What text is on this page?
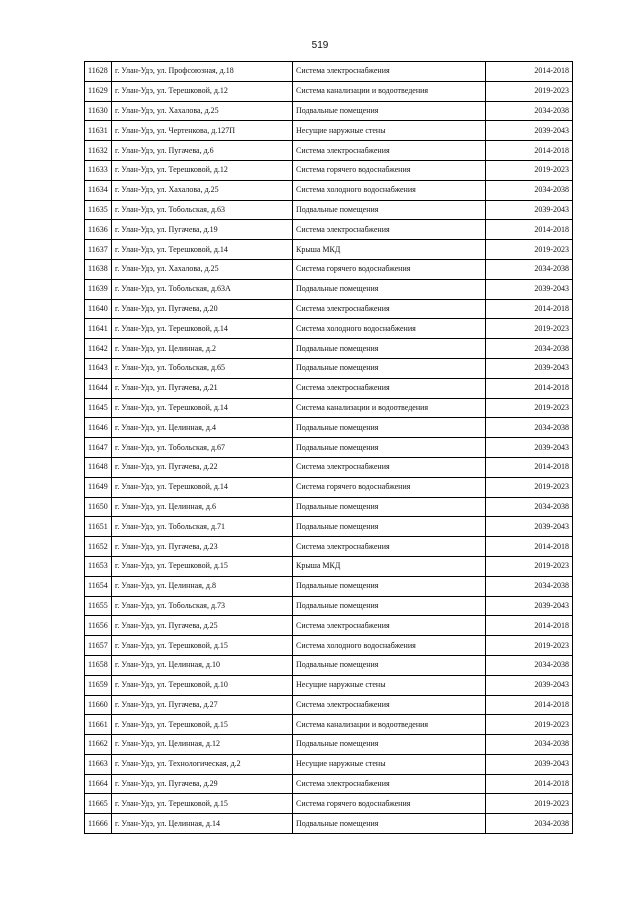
519
11628	г. Улан-Удэ, ул. Профсоюзная, д.18	Система электроснабжения	2014-2018
11629	г. Улан-Удэ, ул. Терешковой, д.12	Система канализации и водоотведения	2019-2023
11630	г. Улан-Удэ, ул. Хахалова, д.25	Подвальные помещения	2034-2038
11631	г. Улан-Удэ, ул. Чертенкова, д.127П	Несущие наружные стены	2039-2043
11632	г. Улан-Удэ, ул. Пугачева, д.6	Система электроснабжения	2014-2018
11633	г. Улан-Удэ, ул. Терешковой, д.12	Система горячего водоснабжения	2019-2023
11634	г. Улан-Удэ, ул. Хахалова, д.25	Система холодного водоснабжения	2034-2038
11635	г. Улан-Удэ, ул. Тобольская, д.63	Подвальные помещения	2039-2043
11636	г. Улан-Удэ, ул. Пугачева, д.19	Система электроснабжения	2014-2018
11637	г. Улан-Удэ, ул. Терешковой, д.14	Крыша МКД	2019-2023
11638	г. Улан-Удэ, ул. Хахалова, д.25	Система горячего водоснабжения	2034-2038
11639	г. Улан-Удэ, ул. Тобольская, д.63А	Подвальные помещения	2039-2043
11640	г. Улан-Удэ, ул. Пугачева, д.20	Система электроснабжения	2014-2018
11641	г. Улан-Удэ, ул. Терешковой, д.14	Система холодного водоснабжения	2019-2023
11642	г. Улан-Удэ, ул. Целинная, д.2	Подвальные помещения	2034-2038
11643	г. Улан-Удэ, ул. Тобольская, д.65	Подвальные помещения	2039-2043
11644	г. Улан-Удэ, ул. Пугачева, д.21	Система электроснабжения	2014-2018
11645	г. Улан-Удэ, ул. Терешковой, д.14	Система канализации и водоотведения	2019-2023
11646	г. Улан-Удэ, ул. Целинная, д.4	Подвальные помещения	2034-2038
11647	г. Улан-Удэ, ул. Тобольская, д.67	Подвальные помещения	2039-2043
11648	г. Улан-Удэ, ул. Пугачева, д.22	Система электроснабжения	2014-2018
11649	г. Улан-Удэ, ул. Терешковой, д.14	Система горячего водоснабжения	2019-2023
11650	г. Улан-Удэ, ул. Целинная, д.6	Подвальные помещения	2034-2038
11651	г. Улан-Удэ, ул. Тобольская, д.71	Подвальные помещения	2039-2043
11652	г. Улан-Удэ, ул. Пугачева, д.23	Система электроснабжения	2014-2018
11653	г. Улан-Удэ, ул. Терешковой, д.15	Крыша МКД	2019-2023
11654	г. Улан-Удэ, ул. Целинная, д.8	Подвальные помещения	2034-2038
11655	г. Улан-Удэ, ул. Тобольская, д.73	Подвальные помещения	2039-2043
11656	г. Улан-Удэ, ул. Пугачева, д.25	Система электроснабжения	2014-2018
11657	г. Улан-Удэ, ул. Терешковой, д.15	Система холодного водоснабжения	2019-2023
11658	г. Улан-Удэ, ул. Целинная, д.10	Подвальные помещения	2034-2038
11659	г. Улан-Удэ, ул. Терешковой, д.10	Несущие наружные стены	2039-2043
11660	г. Улан-Удэ, ул. Пугачева, д.27	Система электроснабжения	2014-2018
11661	г. Улан-Удэ, ул. Терешковой, д.15	Система канализации и водоотведения	2019-2023
11662	г. Улан-Удэ, ул. Целинная, д.12	Подвальные помещения	2034-2038
11663	г. Улан-Удэ, ул. Технологическая, д.2	Несущие наружные стены	2039-2043
11664	г. Улан-Удэ, ул. Пугачева, д.29	Система электроснабжения	2014-2018
11665	г. Улан-Удэ, ул. Терешковой, д.15	Система горячего водоснабжения	2019-2023
11666	г. Улан-Удэ, ул. Целинная, д.14	Подвальные помещения	2034-2038
